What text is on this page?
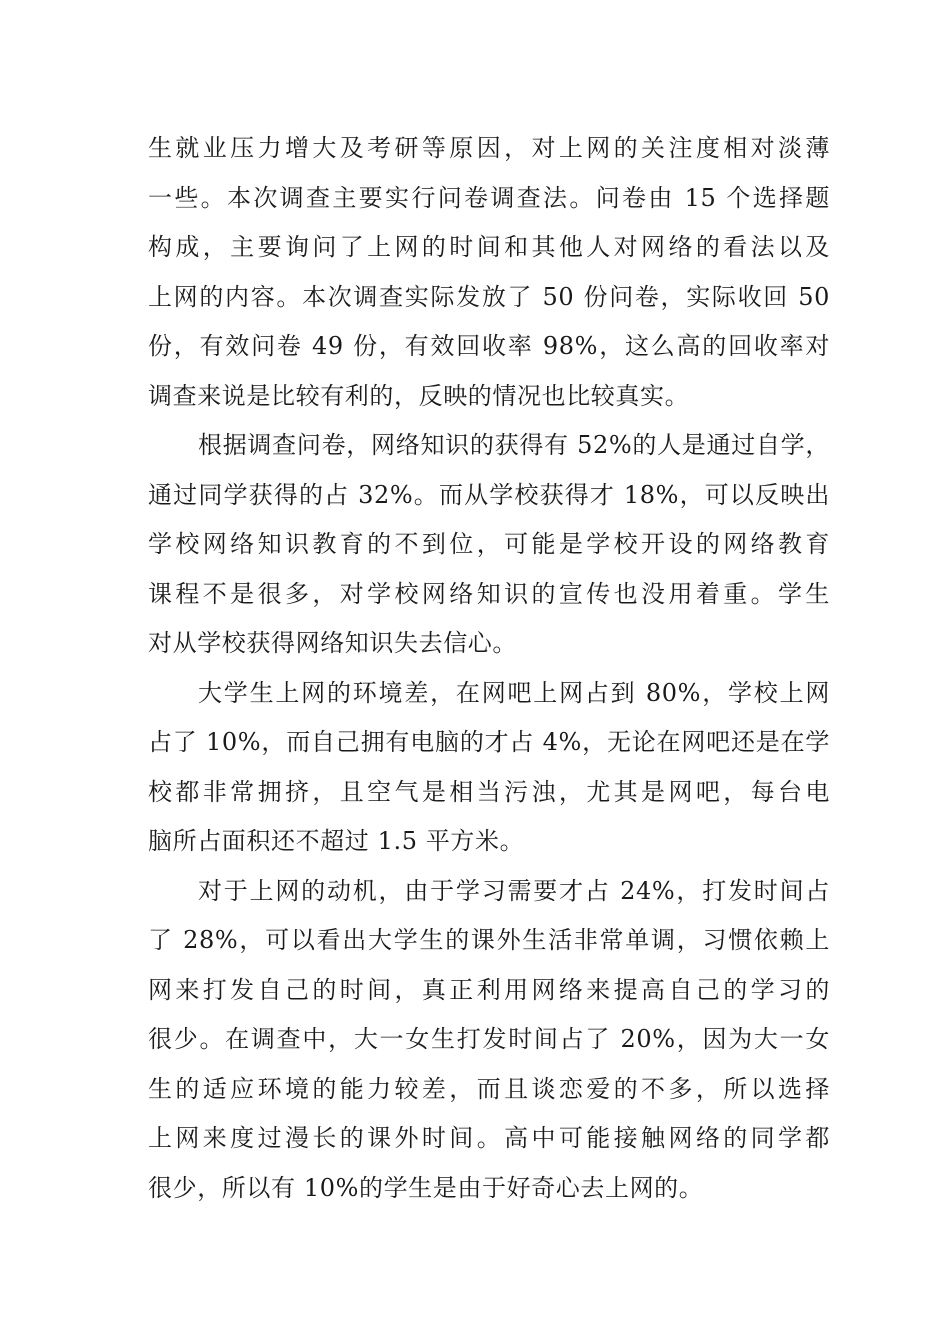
生就业压力增大及考研等原因，对上网的关注度相对淡薄
一些。本次调查主要实行问卷调查法。问卷由 15 个选择题
构成，主要询问了上网的时间和其他人对网络的看法以及
上网的内容。本次调查实际发放了 50 份问卷，实际收回 50
份，有效问卷 49 份，有效回收率 98%，这么高的回收率对
调查来说是比较有利的，反映的情况也比较真实。
根据调查问卷，网络知识的获得有 52%的人是通过自学，
通过同学获得的占 32%。而从学校获得才 18%，可以反映出
学校网络知识教育的不到位，可能是学校开设的网络教育
课程不是很多，对学校网络知识的宣传也没用着重。学生
对从学校获得网络知识失去信心。
大学生上网的环境差，在网吧上网占到 80%，学校上网
占了 10%，而自己拥有电脑的才占 4%，无论在网吧还是在学
校都非常拥挤，且空气是相当污浊，尤其是网吧，每台电
脑所占面积还不超过 1.5 平方米。
对于上网的动机，由于学习需要才占 24%，打发时间占
了 28%，可以看出大学生的课外生活非常单调，习惯依赖上
网来打发自己的时间，真正利用网络来提高自己的学习的
很少。在调查中，大一女生打发时间占了 20%，因为大一女
生的适应环境的能力较差，而且谈恋爱的不多，所以选择
上网来度过漫长的课外时间。高中可能接触网络的同学都
很少，所以有 10%的学生是由于好奇心去上网的。
